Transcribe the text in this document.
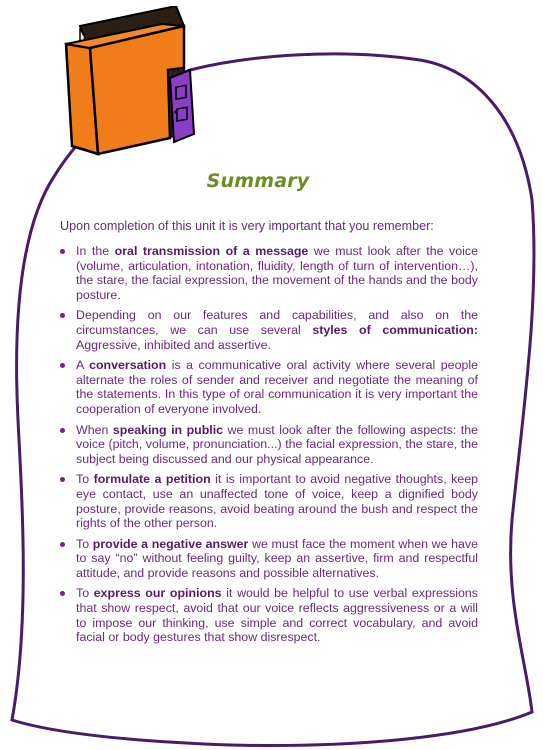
Summary

Upon completion of this unit it is very important that you remember:

In the oral transmission of a message we must look after the voice (volume, articulation, intonation, fluidity, length of turn of intervention…), the stare, the facial expression, the movement of the hands and the body posture.
Depending on our features and capabilities, and also on the circumstances, we can use several styles of communication: Aggressive, inhibited and assertive.
A conversation is a communicative oral activity where several people alternate the roles of sender and receiver and negotiate the meaning of the statements. In this type of oral communication it is very important the cooperation of everyone involved.
When speaking in public we must look after the following aspects: the voice (pitch, volume, pronunciation...) the facial expression, the stare, the subject being discussed and our physical appearance.
To formulate a petition it is important to avoid negative thoughts, keep eye contact, use an unaffected tone of voice, keep a dignified body posture, provide reasons, avoid beating around the bush and respect the rights of the other person.
To provide a negative answer we must face the moment when we have to say “no” without feeling guilty, keep an assertive, firm and respectful attitude, and provide reasons and possible alternatives.
To express our opinions it would be helpful to use verbal expressions that show respect, avoid that our voice reflects aggressiveness or a will to impose our thinking, use simple and correct vocabulary, and avoid facial or body gestures that show disrespect.
